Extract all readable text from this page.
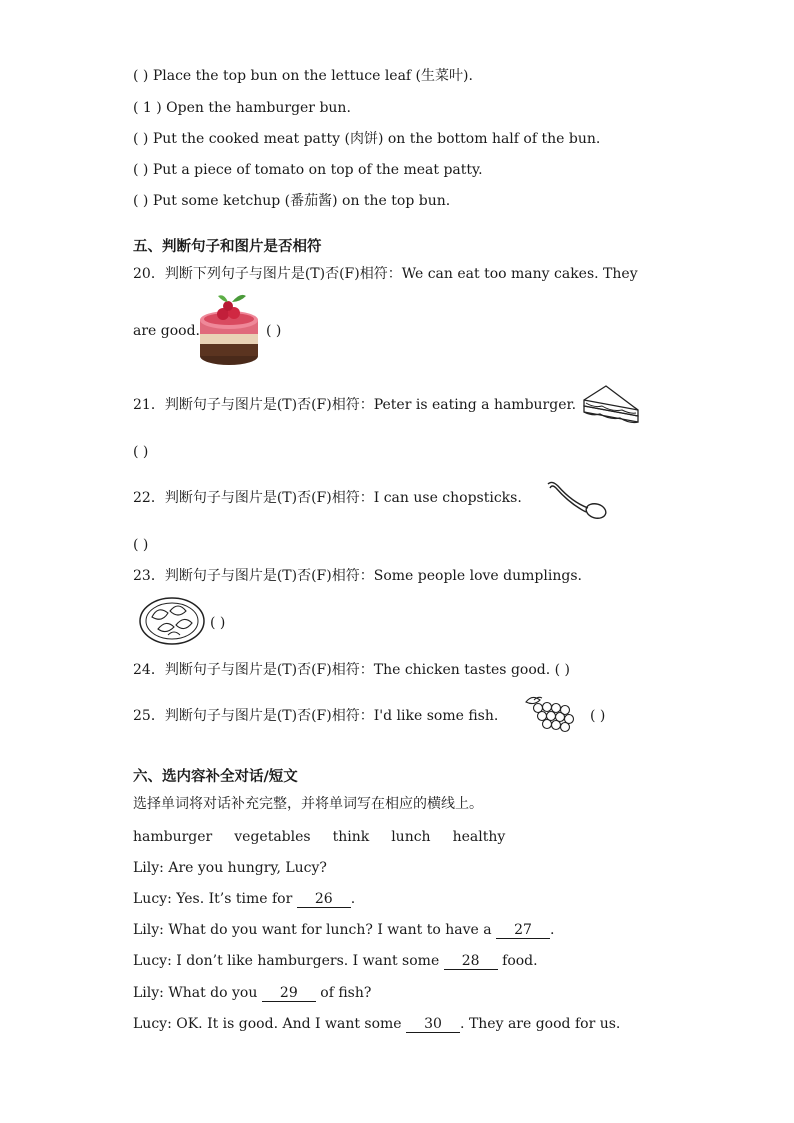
( ) Place the top bun on the lettuce leaf (生菜叶).
( 1 ) Open the hamburger bun.
( ) Put the cooked meat patty (肉饼) on the bottom half of the bun.
( ) Put a piece of tomato on top of the meat patty.
( ) Put some ketchup (番茄酱) on the top bun.
五、判断句子和图片是否相符
20．判断下列句子与图片是(T)否(F)相符：We can eat too many cakes. They
are good.	( )
21．判断句子与图片是(T)否(F)相符：Peter is eating a hamburger.
( )
22．判断句子与图片是(T)否(F)相符：I can use chopsticks.
( )
23．判断句子与图片是(T)否(F)相符：Some people love dumplings.
( )
24．判断句子与图片是(T)否(F)相符：The chicken tastes good. ( )
25．判断句子与图片是(T)否(F)相符：I'd like some fish.	( )
六、选内容补全对话/短文
选择单词将对话补充完整，并将单词写在相应的横线上。
hamburger vegetables think lunch healthy
Lily: Are you hungry, Lucy?
Lucy: Yes. It’s time for 26 .
Lily: What do you want for lunch? I want to have a 27 .
Lucy: I don’t like hamburgers. I want some 28 food.
Lily: What do you 29 of fish?
Lucy: OK. It is good. And I want some 30 . They are good for us.
